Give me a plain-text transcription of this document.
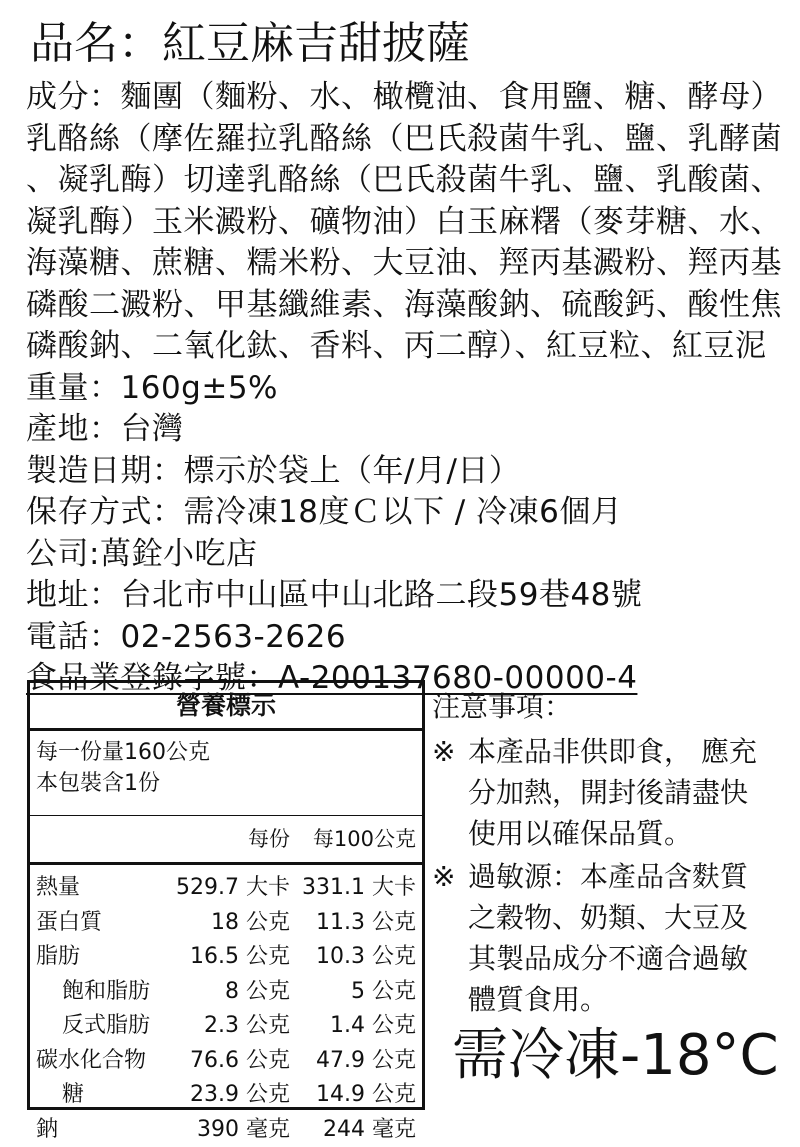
品名：紅豆麻吉甜披薩
成分：麵團（麵粉、水、橄欖油、食用鹽、糖、酵母）
乳酪絲（摩佐羅拉乳酪絲（巴氏殺菌牛乳、鹽、乳酵菌
、凝乳酶）切達乳酪絲（巴氏殺菌牛乳、鹽、乳酸菌、
凝乳酶）玉米澱粉、礦物油）白玉麻糬（麥芽糖、水、
海藻糖、蔗糖、糯米粉、大豆油、羥丙基澱粉、羥丙基
磷酸二澱粉、甲基纖維素、海藻酸鈉、硫酸鈣、酸性焦
磷酸鈉、二氧化鈦、香料、丙二醇）、紅豆粒、紅豆泥
重量：160g±5%
產地：台灣
製造日期：標示於袋上（年/月/日）
保存方式：需冷凍18度Ｃ以下 / 冷凍6個月
公司:萬銓小吃店
地址：台北市中山區中山北路二段59巷48號
電話：02-2563-2626
食品業登錄字號：A-200137680-00000-4
營養標示
每一份量160公克
本包裝含1份
每份 每100公克
熱量	529.7 大卡 331.1 大卡
蛋白質	18 公克 11.3 公克
脂肪	16.5 公克 10.3 公克
飽和脂肪	8 公克	5 公克
反式脂肪 2.3 公克 1.4 公克
碳水化合物 76.6 公克 47.9 公克
糖	23.9 公克 14.9 公克
鈉	390 毫克 244 毫克
注意事項：
※ 本產品非供即食， 應充
分加熱，開封後請盡快
使用以確保品質。
※ 過敏源：本產品含麩質
之穀物、奶類、大豆及
其製品成分不適合過敏
體質食用。
需冷凍-18°C
